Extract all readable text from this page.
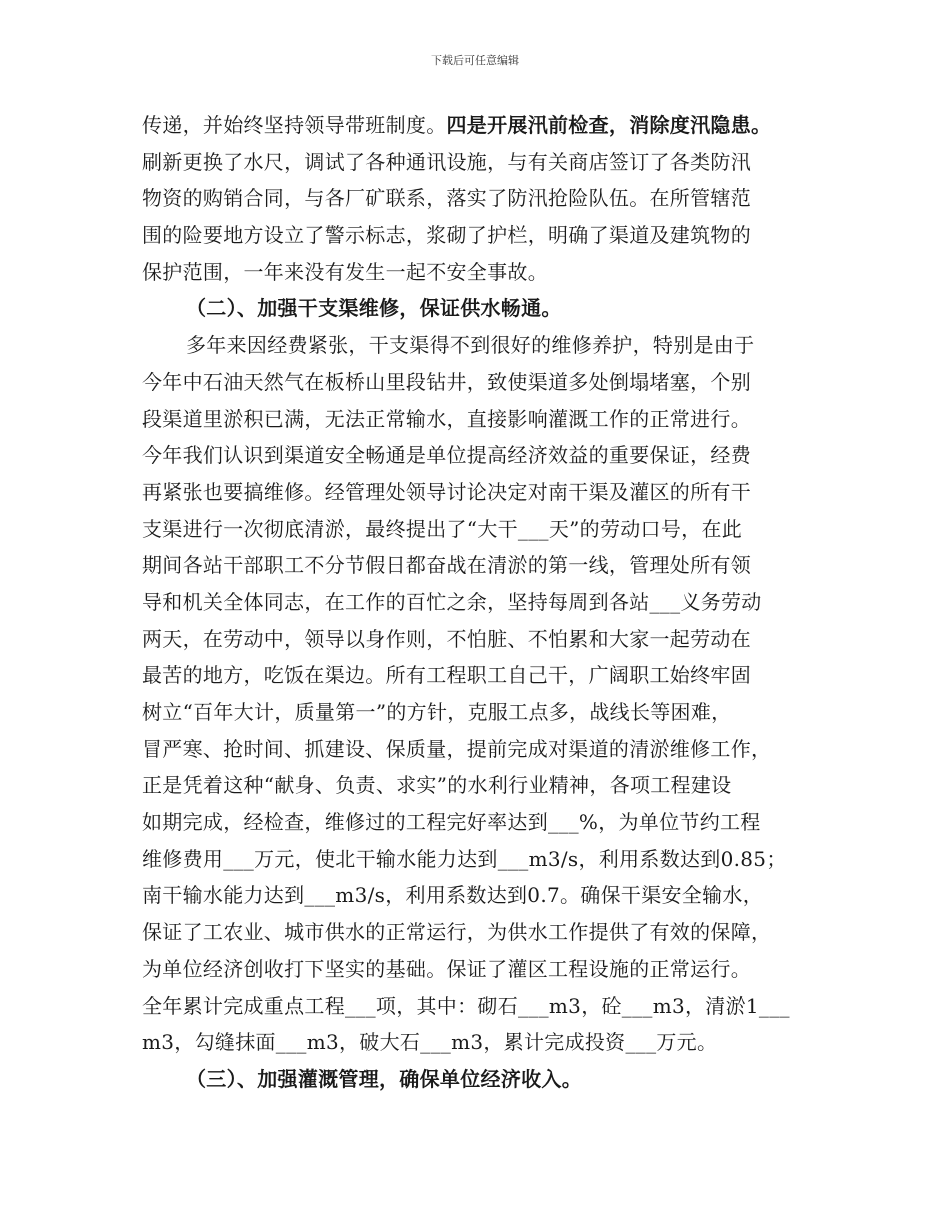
下载后可任意编辑
传递，并始终坚持领导带班制度。四是开展汛前检查，消除度汛隐患。
刷新更换了水尺，调试了各种通讯设施，与有关商店签订了各类防汛
物资的购销合同，与各厂矿联系，落实了防汛抢险队伍。在所管辖范
围的险要地方设立了警示标志，浆砌了护栏，明确了渠道及建筑物的
保护范围，一年来没有发生一起不安全事故。
（二）、加强干支渠维修，保证供水畅通。
多年来因经费紧张，干支渠得不到很好的维修养护，特别是由于
今年中石油天然气在板桥山里段钻井，致使渠道多处倒塌堵塞，个别
段渠道里淤积已满，无法正常输水，直接影响灌溉工作的正常进行。
今年我们认识到渠道安全畅通是单位提高经济效益的重要保证，经费
再紧张也要搞维修。经管理处领导讨论决定对南干渠及灌区的所有干
支渠进行一次彻底清淤，最终提出了“大干___天”的劳动口号，在此
期间各站干部职工不分节假日都奋战在清淤的第一线，管理处所有领
导和机关全体同志，在工作的百忙之余，坚持每周到各站___义务劳动
两天，在劳动中，领导以身作则，不怕脏、不怕累和大家一起劳动在
最苦的地方，吃饭在渠边。所有工程职工自己干，广阔职工始终牢固
树立“百年大计，质量第一”的方针，克服工点多，战线长等困难，
冒严寒、抢时间、抓建设、保质量，提前完成对渠道的清淤维修工作，
正是凭着这种“献身、负责、求实”的水利行业精神，各项工程建设
如期完成，经检查，维修过的工程完好率达到___%，为单位节约工程
维修费用___万元，使北干输水能力达到___m3/s，利用系数达到0.85；
南干输水能力达到___m3/s，利用系数达到0.7。确保干渠安全输水，
保证了工农业、城市供水的正常运行，为供水工作提供了有效的保障，
为单位经济创收打下坚实的基础。保证了灌区工程设施的正常运行。
全年累计完成重点工程___项，其中：砌石___m3，砼___m3，清淤1___
m3，勾缝抹面___m3，破大石___m3，累计完成投资___万元。
（三）、加强灌溉管理，确保单位经济收入。
